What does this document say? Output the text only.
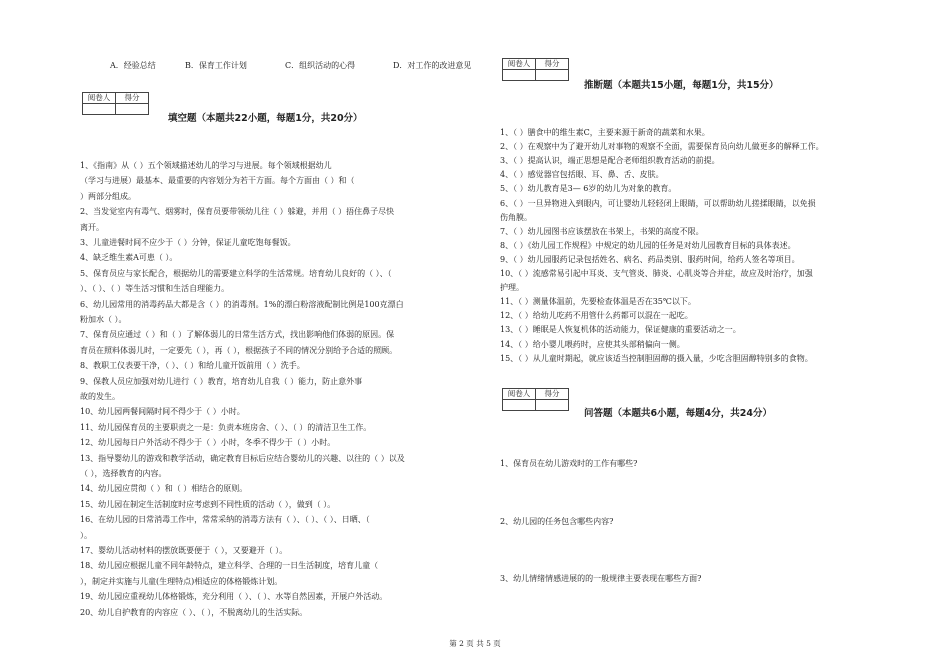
A．经验总结	B．保育工作计划	C．组织活动的心得	D．对工作的改进意见
阅卷人	得分

填空题（本题共22小题，每题1分，共20分）
1、《指南》从（ ）五个领域描述幼儿的学习与进展。每个领域根据幼儿
（学习与进展）最基本、最重要的内容划分为若干方面。每个方面由（ ）和（
）两部分组成。
2、当发觉室内有毒气、烟雾时，保育员要带领幼儿往（ ）躲避，并用（ ）捂住鼻子尽快
离开。
3、儿童进餐时间不应少于（ ）分钟，保证儿童吃饱每餐饭。
4、缺乏维生素A可患（ ）。
5、保育员应与家长配合，根据幼儿的需要建立科学的生活常规。培育幼儿良好的（ ）、（
）、（ ）、（ ）等生活习惯和生活自理能力。
6、幼儿园常用的消毒药品大都是含（ ）的消毒剂。1%的漂白粉溶液配制比例是100克漂白
粉加水（ ）。
7、保育员应通过（ ）和（ ）了解体弱儿的日常生活方式，找出影响他们体弱的原因。保
育员在照料体弱儿时，一定要先（ ），再（ ），根据孩子不同的情况分别给予合适的照顾。
8、教职工仪表要干净，（ ）、（ ）和给儿童开饭前用（ ）洗手。
9、保教人员应加强对幼儿进行（ ）教育，培育幼儿自我（ ）能力，防止意外事
故的发生。
10、幼儿园两餐间隔时间不得少于（ ）小时。
11、幼儿园保育员的主要职责之一是：负责本班房舍、（ ）、（ ）的清洁卫生工作。
12、幼儿园每日户外活动不得少于（ ）小时，冬季不得少于（ ）小时。
13、指导婴幼儿的游戏和教学活动，确定教育目标后应结合婴幼儿的兴趣、以往的（ ）以及
（ ），选择教育的内容。
14、幼儿园应贯彻（ ）和（ ）相结合的原则。
15、幼儿园在制定生活制度时应考虑到不同性质的活动（ ），做到（ ）。
16、在幼儿园的日常消毒工作中，常常采纳的消毒方法有（ ）、（ ）、（ ）、日晒、（
）。
17、婴幼儿活动材料的摆放既要便于（ ），又要避开（ ）。
18、幼儿园应根据儿童不同年龄特点，建立科学、合理的一日生活制度，培育儿童（
），制定并实施与儿童(生理特点)相适应的体格锻炼计划。
19、幼儿园应重视幼儿体格锻炼，充分利用（ ）、（ ）、水等自然因素，开展户外活动。
20、幼儿自护教育的内容应（ ）、（ ），不脱离幼儿的生活实际。
阅卷人	得分

推断题（本题共15小题，每题1分，共15分）
1、（ ）膳食中的维生素C，主要来源于新奇的蔬菜和水果。
2、（ ）在观察中为了避开幼儿对事物的观察不全面，需要保育员向幼儿做更多的解释工作。
3、（ ）提高认识，端正思想是配合老师组织教育活动的前提。
4、（ ）感觉器官包括眼、耳、鼻、舌、皮肤。
5、（ ）幼儿教育是3— 6岁的幼儿为对象的教育。
6、（ ）一旦异物进入到眼内，可让婴幼儿轻轻闭上眼睛，可以帮助幼儿搓揉眼睛，以免损
伤角膜。
7、（ ）幼儿园图书应该摆放在书架上，书架的高度不限。
8、（ ）《幼儿园工作规程》中规定的幼儿园的任务是对幼儿园教育目标的具体表述。
9、（ ）幼儿园服药记录包括姓名、病名、药品类别、服药时间，给药人签名等项目。
10、（ ）流感常易引起中耳炎、支气管炎、肺炎、心肌炎等合并症，故应及时治疗，加强
护理。
11、（ ）测量体温前，先要检查体温是否在35℃以下。
12、（ ）给幼儿吃药不用管什么药都可以混在一起吃。
13、（ ）睡眠是人恢复机体的活动能力，保证健康的重要活动之一。
14、（ ）给小婴儿喂药时，应使其头部稍偏向一侧。
15、（ ）从儿童时期起，就应该适当控制胆固醇的摄入量，少吃含胆固醇特别多的食物。
阅卷人	得分

问答题（本题共6小题，每题4分，共24分）
1、保育员在幼儿游戏时的工作有哪些?
2、幼儿园的任务包含哪些内容?
3、幼儿情绪情感进展的的一般规律主要表现在哪些方面?
第 2 页 共 5 页
